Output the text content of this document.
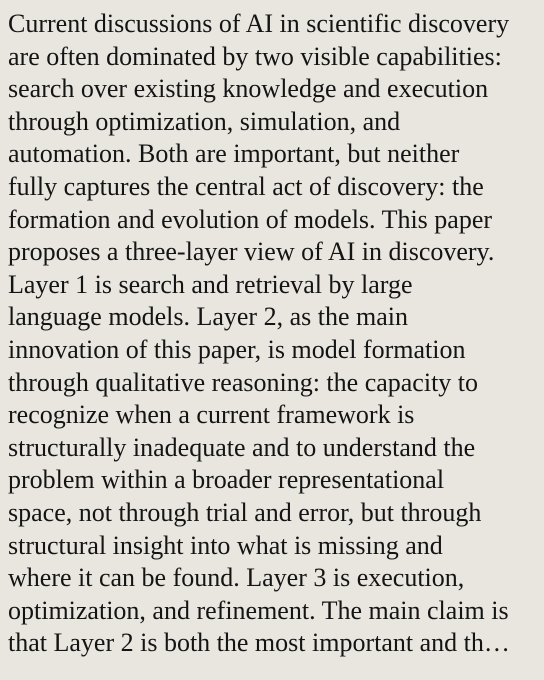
Current discussions of AI in scientific discovery
are often dominated by two visible capabilities:
search over existing knowledge and execution
through optimization, simulation, and
automation. Both are important, but neither
fully captures the central act of discovery: the
formation and evolution of models. This paper
proposes a three-layer view of AI in discovery.
Layer 1 is search and retrieval by large
language models. Layer 2, as the main
innovation of this paper, is model formation
through qualitative reasoning: the capacity to
recognize when a current framework is
structurally inadequate and to understand the
problem within a broader representational
space, not through trial and error, but through
structural insight into what is missing and
where it can be found. Layer 3 is execution,
optimization, and refinement. The main claim is
that Layer 2 is both the most important and th…
